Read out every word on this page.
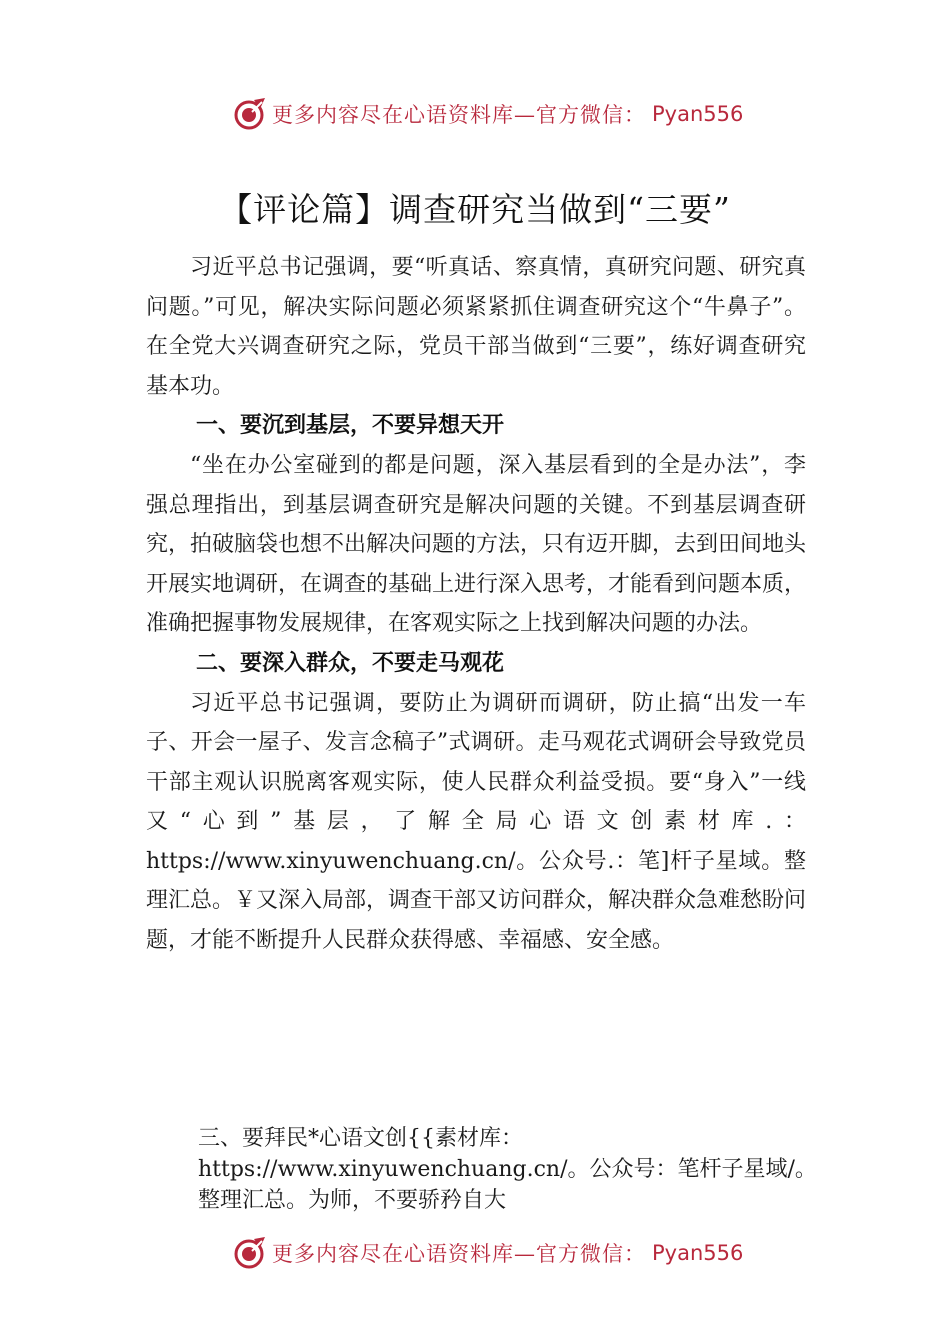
更多内容尽在心语资料库—官方微信： Pyan556
【评论篇】调查研究当做到“三要”

习近平总书记强调，要“听真话、察真情，真研究问题、研究真问题。”可见，解决实际问题必须紧紧抓住调查研究这个“牛鼻子”。在全党大兴调查研究之际，党员干部当做到“三要”，练好调查研究基本功。

一、要沉到基层，不要异想天开

“坐在办公室碰到的都是问题，深入基层看到的全是办法”，李强总理指出，到基层调查研究是解决问题的关键。不到基层调查研究，拍破脑袋也想不出解决问题的方法，只有迈开脚，去到田间地头开展实地调研，在调查的基础上进行深入思考，才能看到问题本质，准确把握事物发展规律，在客观实际之上找到解决问题的办法。

二、要深入群众，不要走马观花

习近平总书记强调，要防止为调研而调研，防止搞“出发一车子、开会一屋子、发言念稿子”式调研。走马观花式调研会导致党员干部主观认识脱离客观实际，使人民群众利益受损。要“身入”一线又“心到”基层，了解全局心语文创素材库.：https://www.xinyuwenchuang.cn/。公众号.：笔]杆子星域。整理汇总。￥又深入局部，调查干部又访问群众，解决群众急难愁盼问题，才能不断提升人民群众获得感、幸福感、安全感。

三、要拜民*心语文创{{素材库：https://www.xinyuwenchuang.cn/。公众号：笔杆子星域/。整理汇总。为师，不要骄矜自大

更多内容尽在心语资料库—官方微信： Pyan556
